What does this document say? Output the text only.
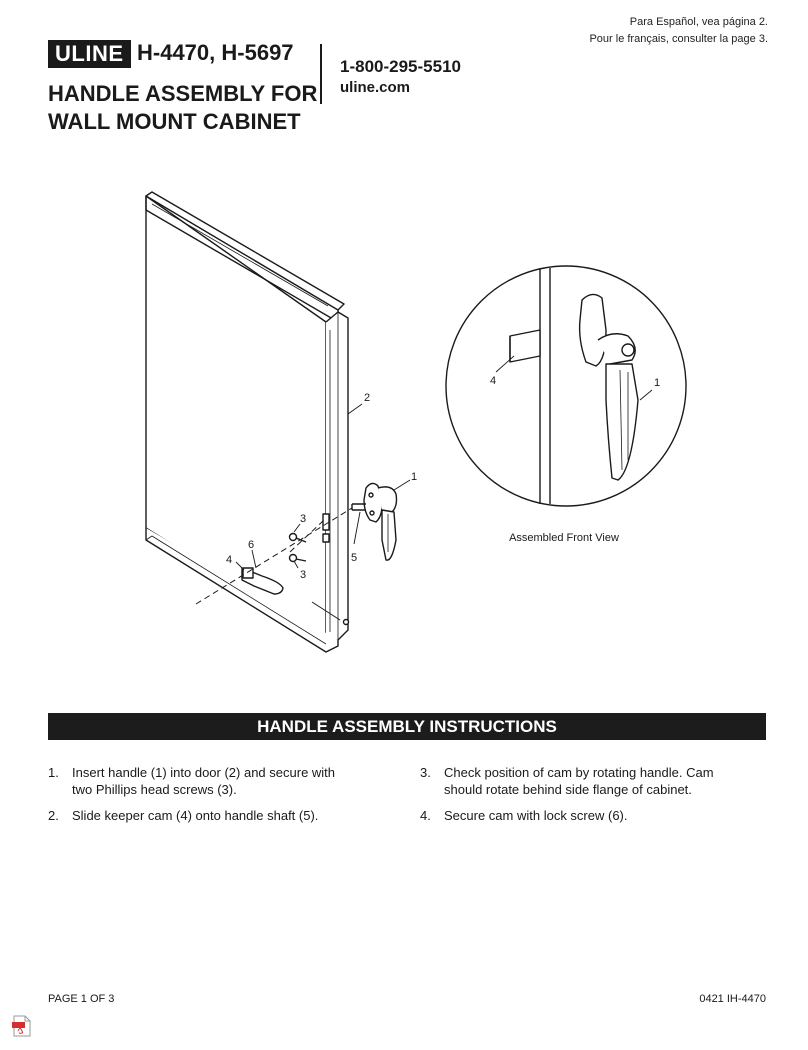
Para Español, vea página 2.
Pour le français, consulter la page 3.
ULINE H-4470, H-5697
HANDLE ASSEMBLY FOR
WALL MOUNT CABINET
1-800-295-5510
uline.com
2
1
3
3
4
6
5
1
4
Assembled Front View
HANDLE ASSEMBLY INSTRUCTIONS
1. Insert handle (1) into door (2) and secure with two Phillips head screws (3).
2. Slide keeper cam (4) onto handle shaft (5).
3. Check position of cam by rotating handle. Cam should rotate behind side flange of cabinet.
4. Secure cam with lock screw (6).
PAGE 1 OF 3	0421 IH-4470
